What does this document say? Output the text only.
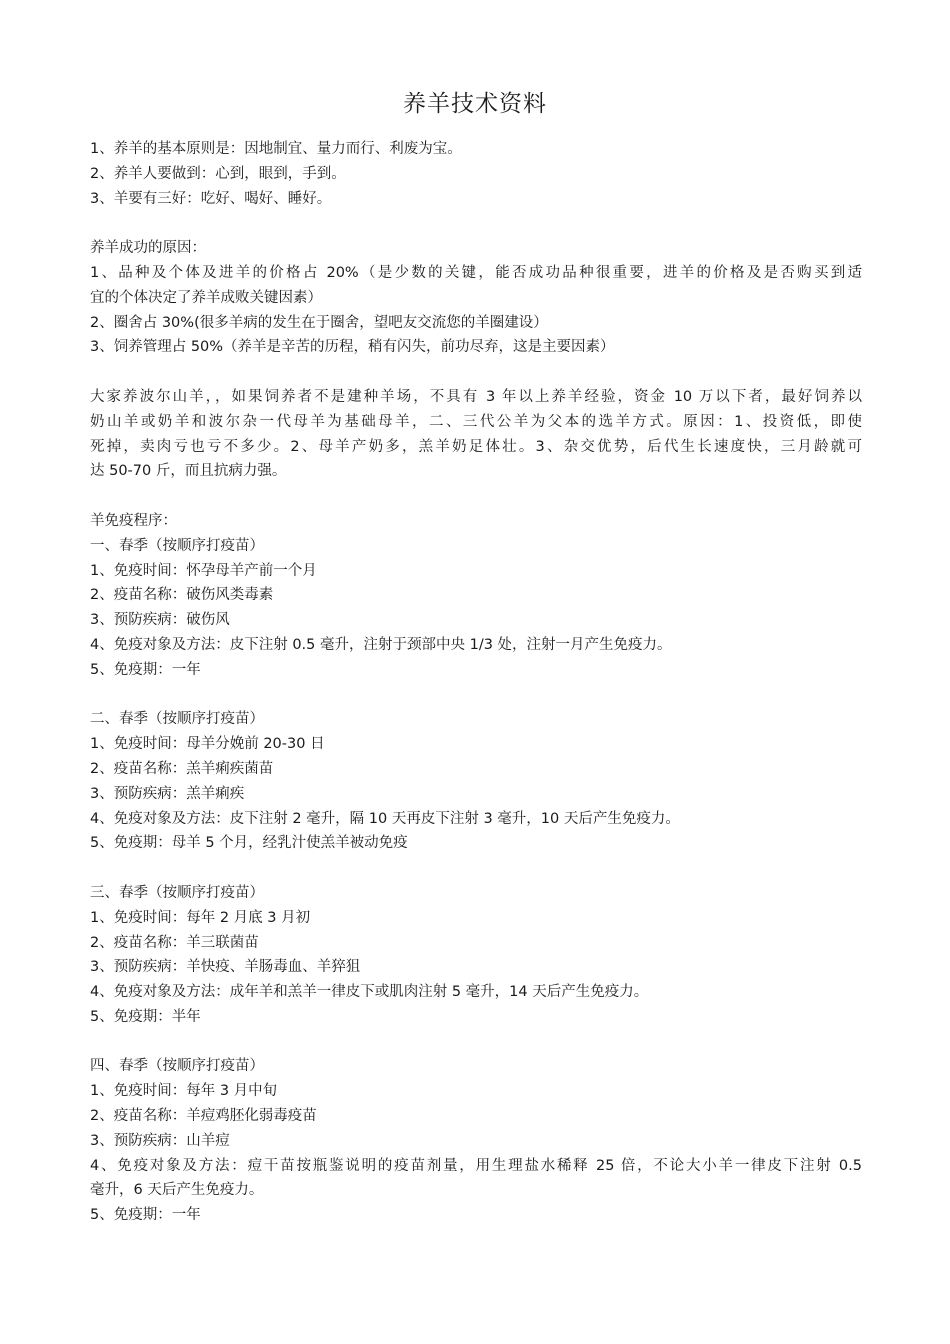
养羊技术资料
1、养羊的基本原则是：因地制宜、量力而行、利废为宝。
2、养羊人要做到：心到，眼到，手到。
3、羊要有三好：吃好、喝好、睡好。
养羊成功的原因：
1、品种及个体及进羊的价格占 20%（是少数的关键，能否成功品种很重要，进羊的价格及是否购买到适
宜的个体决定了养羊成败关键因素）
2、圈舍占 30%(很多羊病的发生在于圈舍，望吧友交流您的羊圈建设）
3、饲养管理占 50%（养羊是辛苦的历程，稍有闪失，前功尽弃，这是主要因素）
大家养波尔山羊，，如果饲养者不是建种羊场，不具有 3 年以上养羊经验，资金 10 万以下者，最好饲养以
奶山羊或奶羊和波尔杂一代母羊为基础母羊，二、三代公羊为父本的选羊方式。原因：1、投资低，即使
死掉，卖肉亏也亏不多少。2、母羊产奶多，羔羊奶足体壮。3、杂交优势，后代生长速度快，三月龄就可
达 50-70 斤，而且抗病力强。
羊免疫程序：
一、春季（按顺序打疫苗）
1、免疫时间：怀孕母羊产前一个月
2、疫苗名称：破伤风类毒素
3、预防疾病：破伤风
4、免疫对象及方法：皮下注射 0.5 毫升，注射于颈部中央 1/3 处，注射一月产生免疫力。
5、免疫期：一年
二、春季（按顺序打疫苗）
1、免疫时间：母羊分娩前 20-30 日
2、疫苗名称：羔羊痢疾菌苗
3、预防疾病：羔羊痢疾
4、免疫对象及方法：皮下注射 2 毫升，隔 10 天再皮下注射 3 毫升，10 天后产生免疫力。
5、免疫期：母羊 5 个月，经乳汁使羔羊被动免疫
三、春季（按顺序打疫苗）
1、免疫时间：每年 2 月底 3 月初
2、疫苗名称：羊三联菌苗
3、预防疾病：羊快疫、羊肠毒血、羊猝狙
4、免疫对象及方法：成年羊和羔羊一律皮下或肌肉注射 5 毫升，14 天后产生免疫力。
5、免疫期：半年
四、春季（按顺序打疫苗）
1、免疫时间：每年 3 月中旬
2、疫苗名称：羊痘鸡胚化弱毒疫苗
3、预防疾病：山羊痘
4、免疫对象及方法：痘干苗按瓶鉴说明的疫苗剂量，用生理盐水稀释 25 倍，不论大小羊一律皮下注射 0.5
毫升，6 天后产生免疫力。
5、免疫期：一年
